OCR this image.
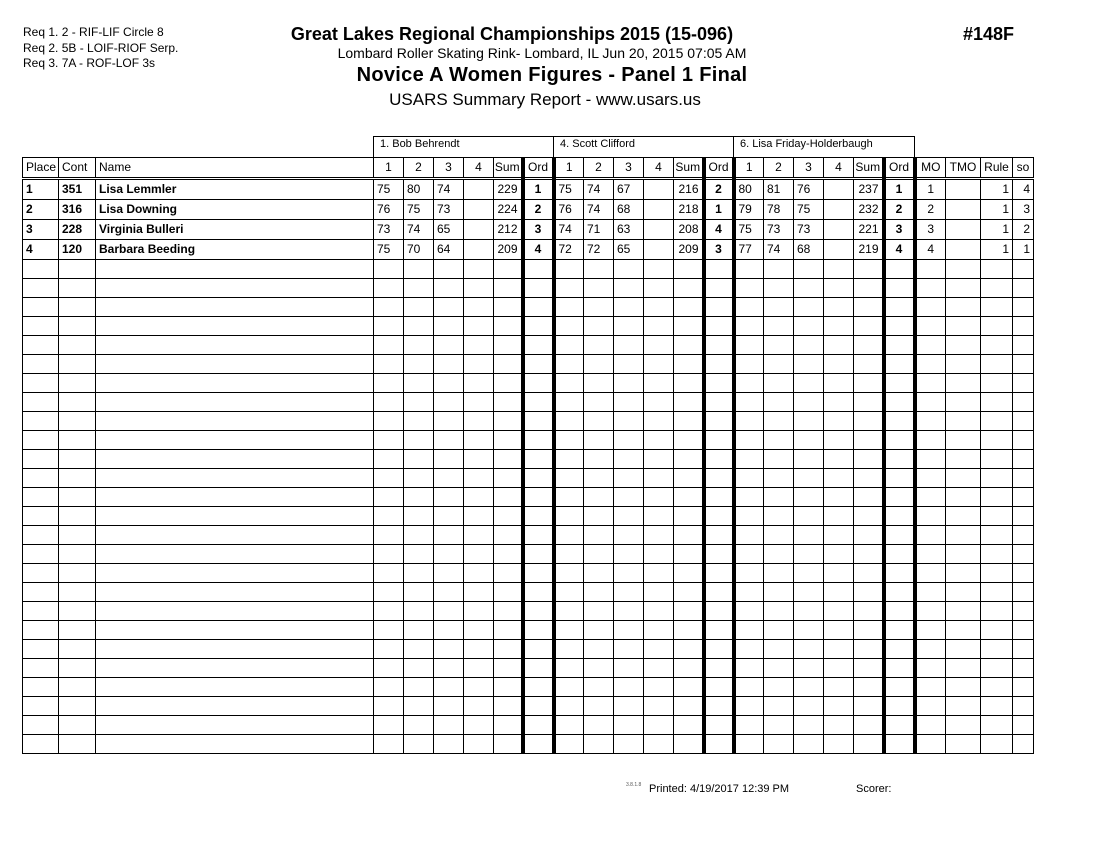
Req 1. 2 - RIF-LIF Circle 8
Req 2. 5B - LOIF-RIOF Serp.
Req 3. 7A - ROF-LOF 3s
Great Lakes Regional Championships 2015 (15-096)
Lombard Roller Skating Rink- Lombard, IL Jun 20, 2015 07:05 AM
Novice A Women Figures - Panel 1 Final
USARS Summary Report - www.usars.us
#148F
1. Bob Behrendt	4. Scott Clifford	6. Lisa Friday-Holderbaugh
Place	Cont	Name	1	2	3	4	Sum	Ord	1	2	3	4	Sum	Ord	1	2	3	4	Sum	Ord	MO	TMO	Rule	so
1	351	Lisa Lemmler	75	80	74		229	1	75	74	67		216	2	80	81	76		237	1	1		1	4
2	316	Lisa Downing	76	75	73		224	2	76	74	68		218	1	79	78	75		232	2	2		1	3
3	228	Virginia Bulleri	73	74	65		212	3	74	71	63		208	4	75	73	73		221	3	3		1	2
4	120	Barbara Beeding	75	70	64		209	4	72	72	65		209	3	77	74	68		219	4	4		1	1

3.8.1.8 Printed: 4/19/2017 12:39 PM	Scorer:
